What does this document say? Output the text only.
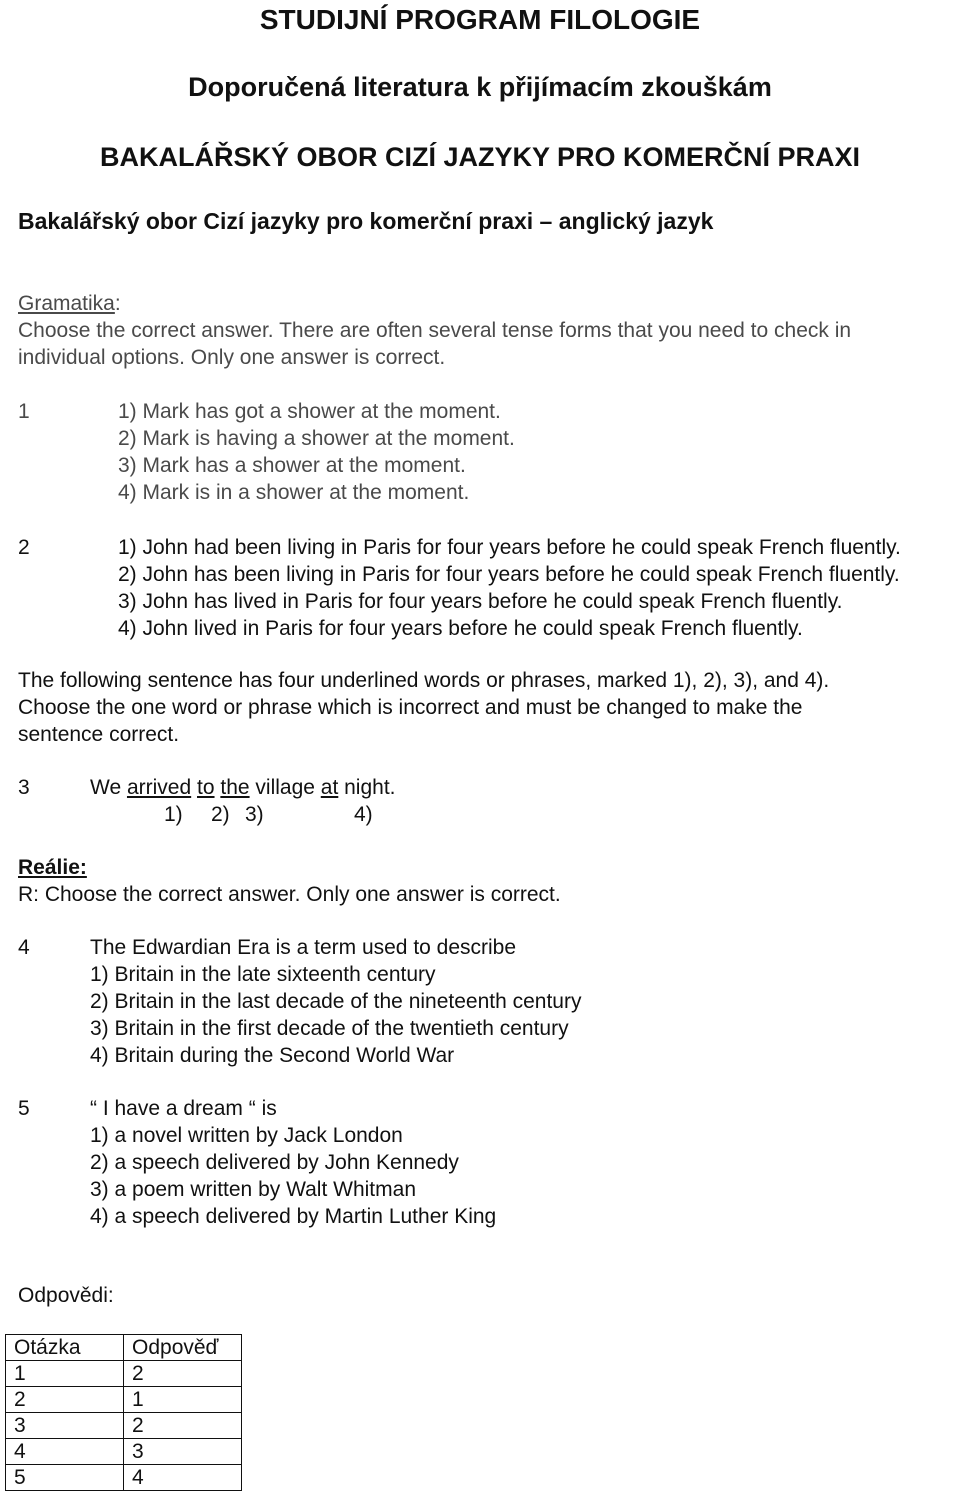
STUDIJNÍ PROGRAM FILOLOGIE
Doporučená literatura k přijímacím zkouškám
BAKALÁŘSKÝ OBOR CIZÍ JAZYKY PRO KOMERČNÍ PRAXI
Bakalářský obor Cizí jazyky pro komerční praxi – anglický jazyk
Gramatika:
Choose the correct answer. There are often several tense forms that you need to check in
individual options. Only one answer is correct.
1	1) Mark has got a shower at the moment.
2) Mark is having a shower at the moment.
3) Mark has a shower at the moment.
4) Mark is in a shower at the moment.
2	1) John had been living in Paris for four years before he could speak French fluently.
2) John has been living in Paris for four years before he could speak French fluently.
3) John has lived in Paris for four years before he could speak French fluently.
4) John lived in Paris for four years before he could speak French fluently.
The following sentence has four underlined words or phrases, marked 1), 2), 3), and 4).
Choose the one word or phrase which is incorrect and must be changed to make the
sentence correct.
3	We arrived to the village at night.
1) 2) 3)	4)
Reálie:
R: Choose the correct answer. Only one answer is correct.
4	The Edwardian Era is a term used to describe
1) Britain in the late sixteenth century
2) Britain in the last decade of the nineteenth century
3) Britain in the first decade of the twentieth century
4) Britain during the Second World War
5	“ I have a dream “ is
1) a novel written by Jack London
2) a speech delivered by John Kennedy
3) a poem written by Walt Whitman
4) a speech delivered by Martin Luther King
Odpovědi:
Otázka	Odpověď
1	2
2	1
3	2
4	3
5	4
